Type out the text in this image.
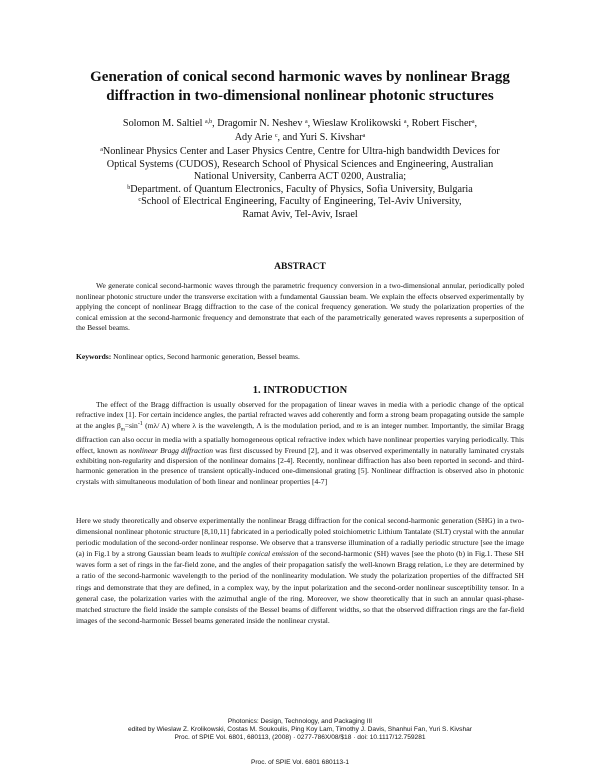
Generation of conical second harmonic waves by nonlinear Bragg
diffraction in two-dimensional nonlinear photonic structures
Solomon M. Saltiel $^{a,b}$, Dragomir N. Neshev $^a$, Wieslaw Krolikowski $^a$, Robert Fischer$^a$,
Ady Arie $^c$, and Yuri S. Kivshar$^a$
$^a$Nonlinear Physics Center and Laser Physics Centre, Centre for Ultra-high bandwidth Devices for
Optical Systems (CUDOS), Research School of Physical Sciences and Engineering, Australian
National University, Canberra ACT 0200, Australia;
$^b$Department. of Quantum Electronics, Faculty of Physics, Sofia University, Bulgaria
$^c$School of Electrical Engineering, Faculty of Engineering, Tel-Aviv University,
Ramat Aviv, Tel-Aviv, Israel
ABSTRACT
We generate conical second-harmonic waves through the parametric frequency conversion in a two-dimensional annular, periodically poled nonlinear photonic structure under the transverse excitation with a fundamental Gaussian beam. We explain the effects observed experimentally by applying the concept of nonlinear Bragg diffraction to the case of the conical frequency generation. We study the polarization properties of the conical emission at the second-harmonic frequency and demonstrate that each of the parametrically generated waves represents a superposition of the Bessel beams.
Keywords: Nonlinear optics, Second harmonic generation, Bessel beams.
1. INTRODUCTION
The effect of the Bragg diffraction is usually observed for the propagation of linear waves in media with a periodic change of the optical refractive index [1]. For certain incidence angles, the partial refracted waves add coherently and form a strong beam propagating outside the sample at the angles $\beta_m=\sin^{-1}$ (mλ/ Λ) where λ is the wavelength, Λ is the modulation period, and m is an integer number. Importantly, the similar Bragg diffraction can also occur in media with a spatially homogeneous optical refractive index which have nonlinear properties varying periodically. This effect, known as nonlinear Bragg diffraction was first discussed by Freund [2], and it was observed experimentally in naturally laminated crystals exhibiting non-regularity and dispersion of the nonlinear domains [2-4]. Recently, nonlinear diffraction has also been reported in second- and third-harmonic generation in the presence of transient optically-induced one-dimensional grating [5]. Nonlinear diffraction is observed also in photonic crystals with simultaneous modulation of both linear and nonlinear properties [4-7]
Here we study theoretically and observe experimentally the nonlinear Bragg diffraction for the conical second-harmonic generation (SHG) in a two-dimensional nonlinear photonic structure [8,10,11] fabricated in a periodically poled stoichiometric Lithium Tantalate (SLT) crystal with the annular periodic modulation of the second-order nonlinear response. We observe that a transverse illumination of a radially periodic structure [see the image (a) in Fig.1 by a strong Gaussian beam leads to multiple conical emission of the second-harmonic (SH) waves [see the photo (b) in Fig.1. These SH waves form a set of rings in the far-field zone, and the angles of their propagation satisfy the well-known Bragg relation, i.e they are determined by a ratio of the second-harmonic wavelength to the period of the nonlinearity modulation. We study the polarization properties of the diffracted SH rings and demonstrate that they are defined, in a complex way, by the input polarization and the second-order nonlinear susceptibility tensor. In a general case, the polarization varies with the azimuthal angle of the ring. Moreover, we show theoretically that in such an annular quasi-phase-matched structure the field inside the sample consists of the Bessel beams of different widths, so that the observed diffraction rings are the far-field images of the second-harmonic Bessel beams generated inside the nonlinear crystal.
Photonics: Design, Technology, and Packaging III
edited by Wieslaw Z. Krolikowski, Costas M. Soukoulis, Ping Koy Lam, Timothy J. Davis, Shanhui Fan, Yuri S. Kivshar
Proc. of SPIE Vol. 6801, 680113, (2008) · 0277-786X/08/$18 · doi: 10.1117/12.759281
Proc. of SPIE Vol. 6801 680113-1
